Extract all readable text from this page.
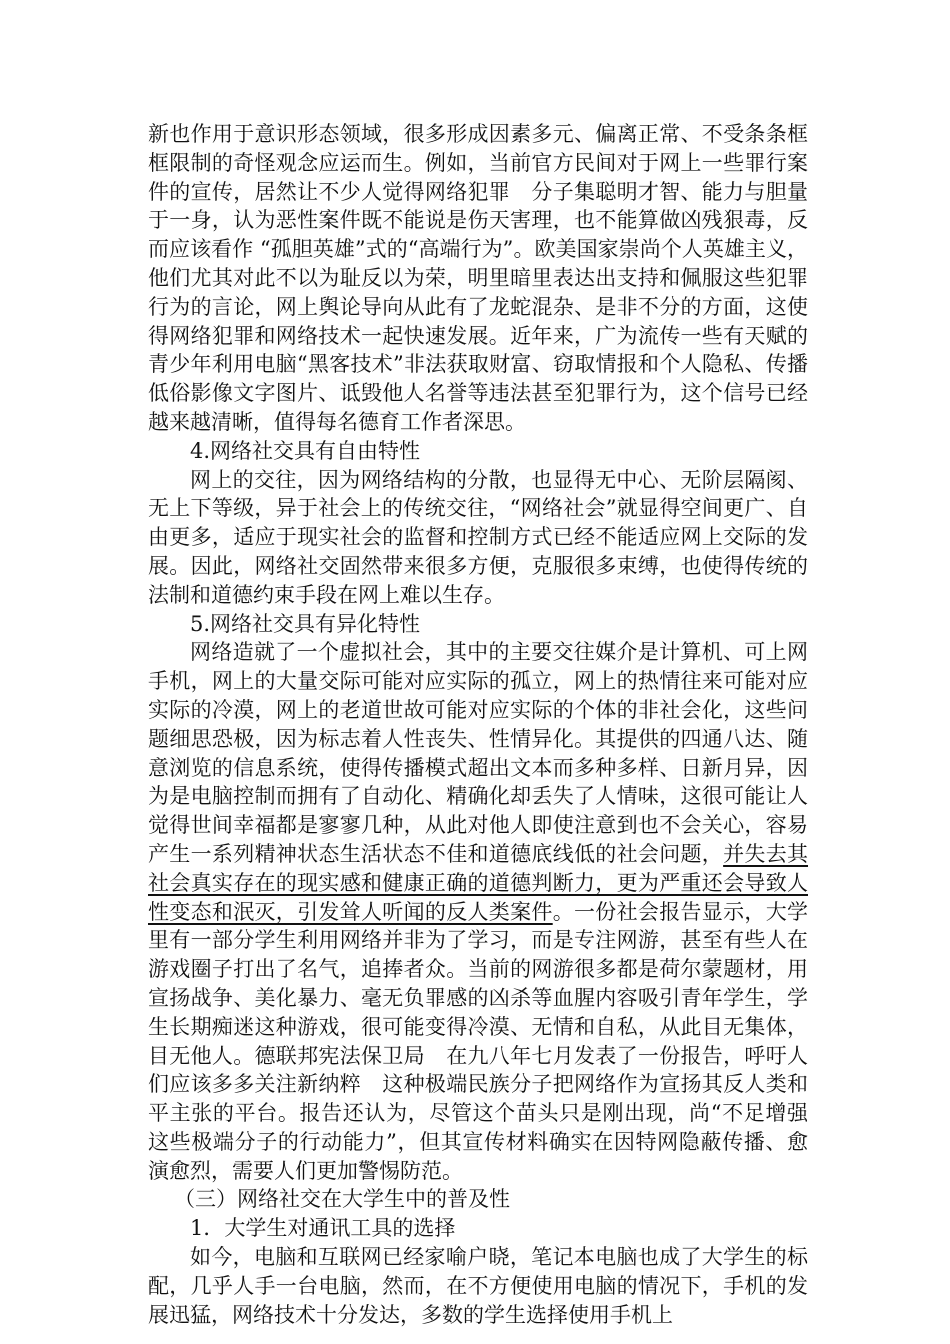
新也作用于意识形态领域，很多形成因素多元、偏离正常、不受条条框框限制的奇怪观念应运而生。例如，当前官方民间对于网上一些罪行案件的宣传，居然让不少人觉得网络犯罪　分子集聪明才智、能力与胆量于一身，认为恶性案件既不能说是伤天害理，也不能算做凶残狠毒，反而应该看作 “孤胆英雄”式的“高端行为”。欧美国家崇尚个人英雄主义，他们尤其对此不以为耻反以为荣，明里暗里表达出支持和佩服这些犯罪行为的言论，网上舆论导向从此有了龙蛇混杂、是非不分的方面，这使得网络犯罪和网络技术一起快速发展。近年来，广为流传一些有天赋的青少年利用电脑“黑客技术”非法获取财富、窃取情报和个人隐私、传播低俗影像文字图片、诋毁他人名誉等违法甚至犯罪行为，这个信号已经越来越清晰，值得每名德育工作者深思。

4.网络社交具有自由特性

网上的交往，因为网络结构的分散，也显得无中心、无阶层隔阂、无上下等级，异于社会上的传统交往，“网络社会”就显得空间更广、自由更多，适应于现实社会的监督和控制方式已经不能适应网上交际的发展。因此，网络社交固然带来很多方便，克服很多束缚，也使得传统的法制和道德约束手段在网上难以生存。

5.网络社交具有异化特性

网络造就了一个虚拟社会，其中的主要交往媒介是计算机、可上网手机，网上的大量交际可能对应实际的孤立，网上的热情往来可能对应实际的冷漠，网上的老道世故可能对应实际的个体的非社会化，这些问题细思恐极，因为标志着人性丧失、性情异化。其提供的四通八达、随意浏览的信息系统，使得传播模式超出文本而多种多样、日新月异，因为是电脑控制而拥有了自动化、精确化却丢失了人情味，这很可能让人觉得世间幸福都是寥寥几种，从此对他人即使注意到也不会关心，容易产生一系列精神状态生活状态不佳和道德底线低的社会问题，并失去其社会真实存在的现实感和健康正确的道德判断力，更为严重还会导致人性变态和泯灭，引发耸人听闻的反人类案件。一份社会报告显示，大学里有一部分学生利用网络并非为了学习，而是专注网游，甚至有些人在游戏圈子打出了名气，追捧者众。当前的网游很多都是荷尔蒙题材，用宣扬战争、美化暴力、毫无负罪感的凶杀等血腥内容吸引青年学生，学生长期痴迷这种游戏，很可能变得冷漠、无情和自私，从此目无集体，目无他人。德联邦宪法保卫局　在九八年七月发表了一份报告，呼吁人们应该多多关注新纳粹　这种极端民族分子把网络作为宣扬其反人类和平主张的平台。报告还认为，尽管这个苗头只是刚出现，尚“不足增强这些极端分子的行动能力”，但其宣传材料确实在因特网隐蔽传播、愈演愈烈，需要人们更加警惕防范。

（三）网络社交在大学生中的普及性

1．大学生对通讯工具的选择

如今，电脑和互联网已经家喻户晓，笔记本电脑也成了大学生的标配，几乎人手一台电脑，然而，在不方便使用电脑的情况下，手机的发展迅猛，网络技术十分发达，多数的学生选择使用手机上
